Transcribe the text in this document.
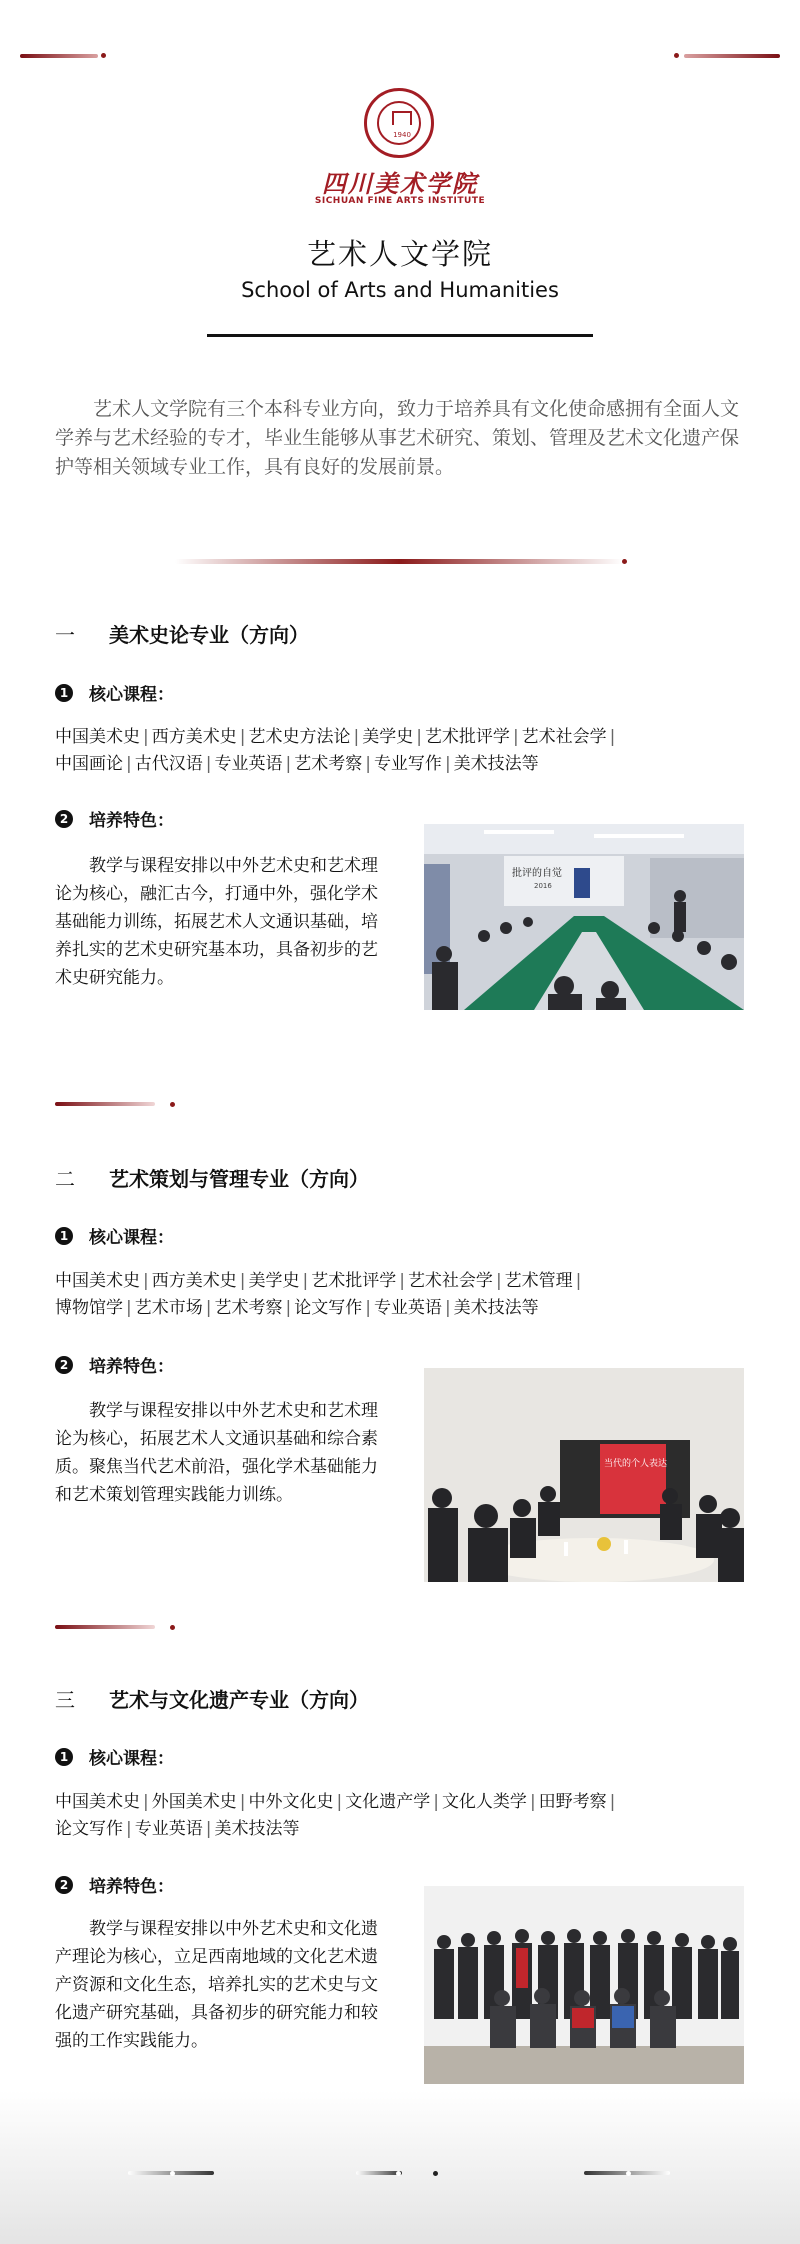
1940
四川美术学院
SICHUAN FINE ARTS INSTITUTE
艺术人文学院
School of Arts and Humanities

艺术人文学院有三个本科专业方向，致力于培养具有文化使命感拥有全面人文学养与艺术经验的专才，毕业生能够从事艺术研究、策划、管理及艺术文化遗产保护等相关领域专业工作，具有良好的发展前景。

一 美术史论专业（方向）
1 核心课程：
中国美术史 | 西方美术史 | 艺术史方法论 | 美学史 | 艺术批评学 | 艺术社会学 |
中国画论 | 古代汉语 | 专业英语 | 艺术考察 | 专业写作 | 美术技法等
2 培养特色：

教学与课程安排以中外艺术史和艺术理论为核心，融汇古今，打通中外，强化学术基础能力训练，拓展艺术人文通识基础，培养扎实的艺术史研究基本功，具备初步的艺术史研究能力。

批评的自觉
2016
二 艺术策划与管理专业（方向）
1 核心课程：
中国美术史 | 西方美术史 | 美学史 | 艺术批评学 | 艺术社会学 | 艺术管理 |
博物馆学 | 艺术市场 | 艺术考察 | 论文写作 | 专业英语 | 美术技法等
2 培养特色：

教学与课程安排以中外艺术史和艺术理论为核心，拓展艺术人文通识基础和综合素质。聚焦当代艺术前沿，强化学术基础能力和艺术策划管理实践能力训练。

当代的个人表达
三 艺术与文化遗产专业（方向）
1 核心课程：
中国美术史 | 外国美术史 | 中外文化史 | 文化遗产学 | 文化人类学 | 田野考察 |
论文写作 | 专业英语 | 美术技法等
2 培养特色：

教学与课程安排以中外艺术史和文化遗产理论为核心，立足西南地域的文化艺术遗产资源和文化生态，培养扎实的艺术史与文化遗产研究基础，具备初步的研究能力和较强的工作实践能力。
